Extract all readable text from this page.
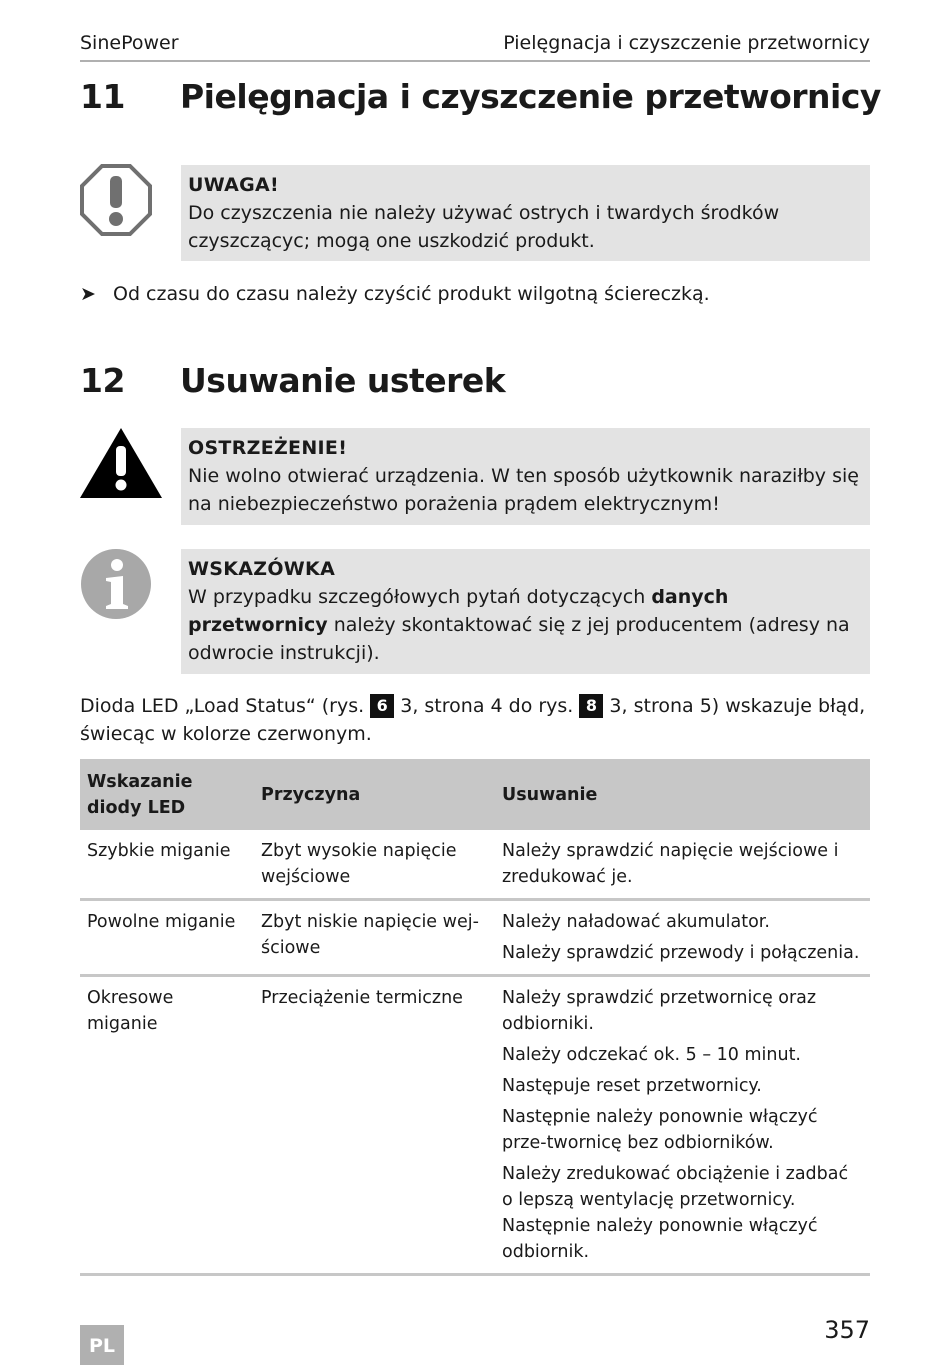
SinePower	Pielęgnacja i czyszczenie przetwornicy
11 Pielęgnacja i czyszczenie przetwornicy
UWAGA!
Do czyszczenia nie należy używać ostrych i twardych środków czyszczącyc; mogą one uszkodzić produkt.
➤ Od czasu do czasu należy czyścić produkt wilgotną ściereczką.
12 Usuwanie usterek
OSTRZEŻENIE!
Nie wolno otwierać urządzenia. W ten sposób użytkownik naraziłby się na niebezpieczeństwo porażenia prądem elektrycznym!
WSKAZÓWKA
W przypadku szczegółowych pytań dotyczących danych przetwornicy należy skontaktować się z jej producentem (adresy na odwrocie instrukcji).
Dioda LED „Load Status“ (rys. 6 3, strona 4 do rys. 8 3, strona 5) wskazuje błąd, świecąc w kolorze czerwonym.
Wskazanie diody LED	Przyczyna	Usuwanie
Szybkie miganie	Zbyt wysokie napięcie wejściowe	Należy sprawdzić napięcie wejściowe i zredukować je.

Powolne miganie	Zbyt niskie napięcie wej-ściowe	Należy naładować akumulator.

Należy sprawdzić przewody i połączenia.

Okresowe miganie	Przeciążenie termiczne	Należy sprawdzić przetwornicę oraz odbiorniki.

Należy odczekać ok. 5 – 10 minut.

Następuje reset przetwornicy.

Następnie należy ponownie włączyć prze-twornicę bez odbiorników.

Należy zredukować obciążenie i zadbać o lepszą wentylację przetwornicy. Następnie należy ponownie włączyć odbiornik.

PL
357
